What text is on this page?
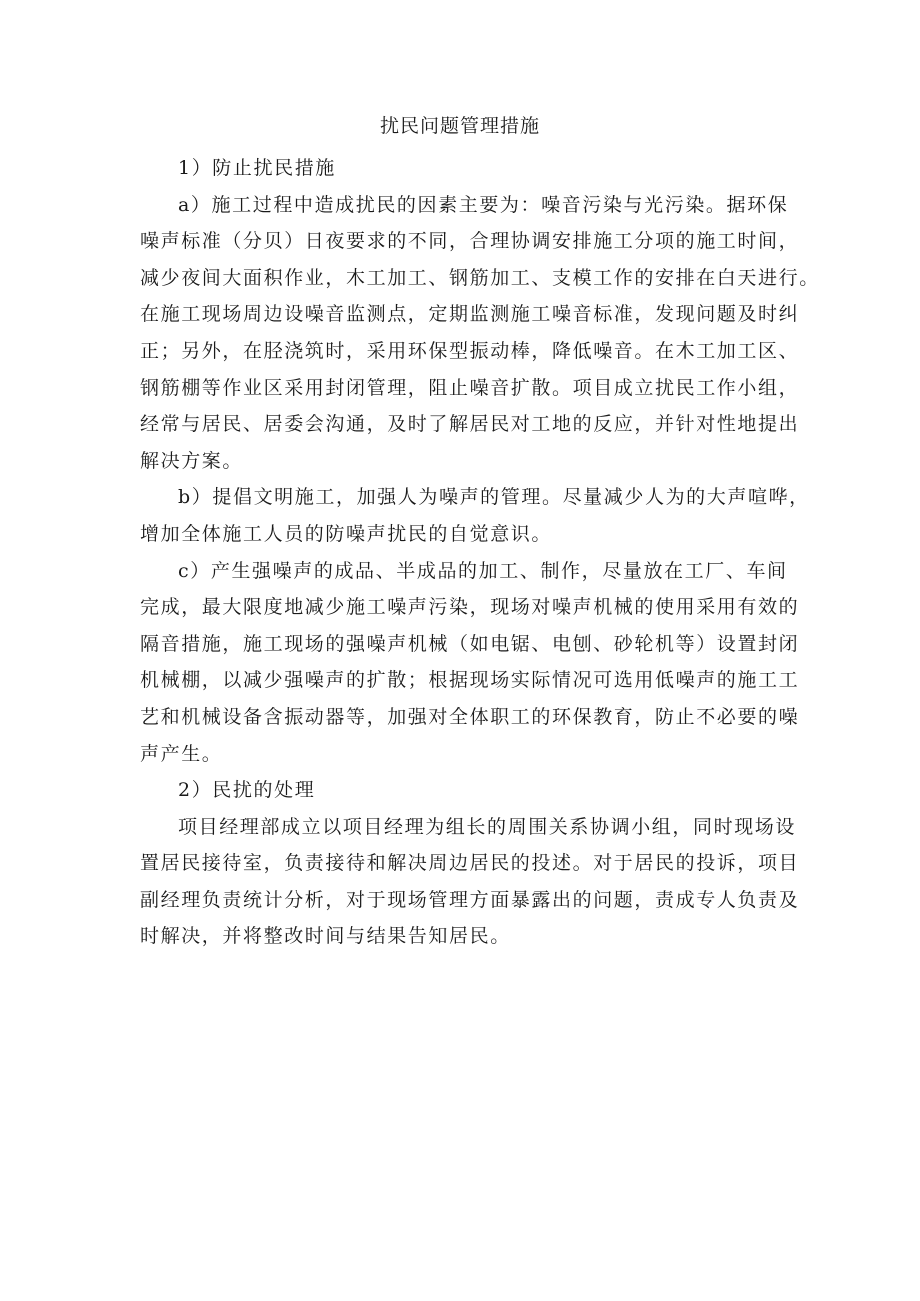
扰民问题管理措施
1）防止扰民措施
a）施工过程中造成扰民的因素主要为：噪音污染与光污染。据环保
噪声标准（分贝）日夜要求的不同，合理协调安排施工分项的施工时间，
减少夜间大面积作业，木工加工、钢筋加工、支模工作的安排在白天进行。
在施工现场周边设噪音监测点，定期监测施工噪音标准，发现问题及时纠
正；另外，在胫浇筑时，采用环保型振动棒，降低噪音。在木工加工区、
钢筋棚等作业区采用封闭管理，阻止噪音扩散。项目成立扰民工作小组，
经常与居民、居委会沟通，及时了解居民对工地的反应，并针对性地提出
解决方案。
b）提倡文明施工，加强人为噪声的管理。尽量减少人为的大声喧哗，
增加全体施工人员的防噪声扰民的自觉意识。
c）产生强噪声的成品、半成品的加工、制作，尽量放在工厂、车间
完成，最大限度地减少施工噪声污染，现场对噪声机械的使用采用有效的
隔音措施，施工现场的强噪声机械（如电锯、电刨、砂轮机等）设置封闭
机械棚，以减少强噪声的扩散；根据现场实际情况可选用低噪声的施工工
艺和机械设备含振动器等，加强对全体职工的环保教育，防止不必要的噪
声产生。
2）民扰的处理
项目经理部成立以项目经理为组长的周围关系协调小组，同时现场设
置居民接待室，负责接待和解决周边居民的投述。对于居民的投诉，项目
副经理负责统计分析，对于现场管理方面暴露出的问题，责成专人负责及
时解决，并将整改时间与结果告知居民。
